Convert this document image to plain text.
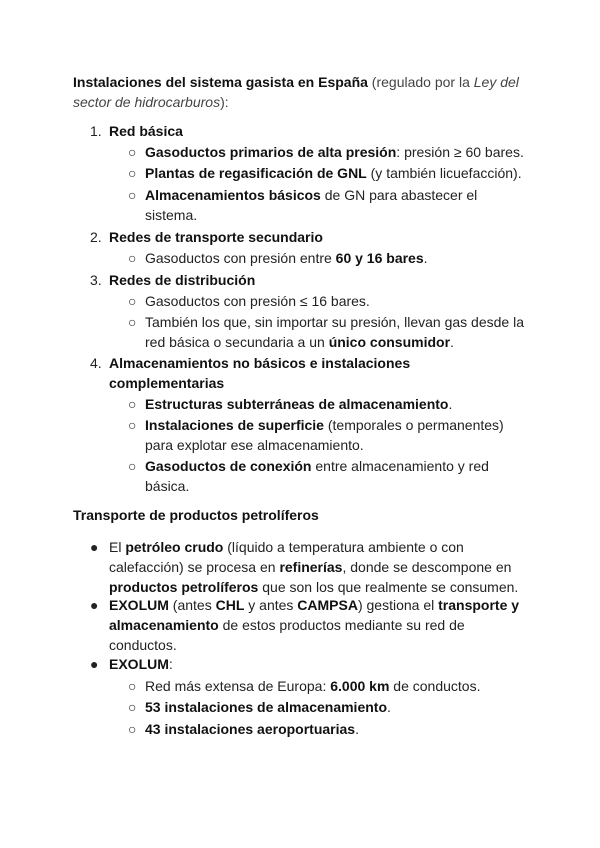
Instalaciones del sistema gasista en España (regulado por la Ley del
sector de hidrocarburos):
1. Red básica
○ Gasoductos primarios de alta presión: presión ≥ 60 bares.
○ Plantas de regasificación de GNL (y también licuefacción).
○ Almacenamientos básicos de GN para abastecer el
sistema.
2. Redes de transporte secundario
○ Gasoductos con presión entre 60 y 16 bares.
3. Redes de distribución
○ Gasoductos con presión ≤ 16 bares.
○ También los que, sin importar su presión, llevan gas desde la
red básica o secundaria a un único consumidor.
4. Almacenamientos no básicos e instalaciones
complementarias
○ Estructuras subterráneas de almacenamiento.
○ Instalaciones de superficie (temporales o permanentes)
para explotar ese almacenamiento.
○ Gasoductos de conexión entre almacenamiento y red
básica.
Transporte de productos petrolíferos
● El petróleo crudo (líquido a temperatura ambiente o con
calefacción) se procesa en refinerías, donde se descompone en
productos petrolíferos que son los que realmente se consumen.
● EXOLUM (antes CHL y antes CAMPSA) gestiona el transporte y
almacenamiento de estos productos mediante su red de
conductos.
● EXOLUM:
○ Red más extensa de Europa: 6.000 km de conductos.
○ 53 instalaciones de almacenamiento.
○ 43 instalaciones aeroportuarias.
